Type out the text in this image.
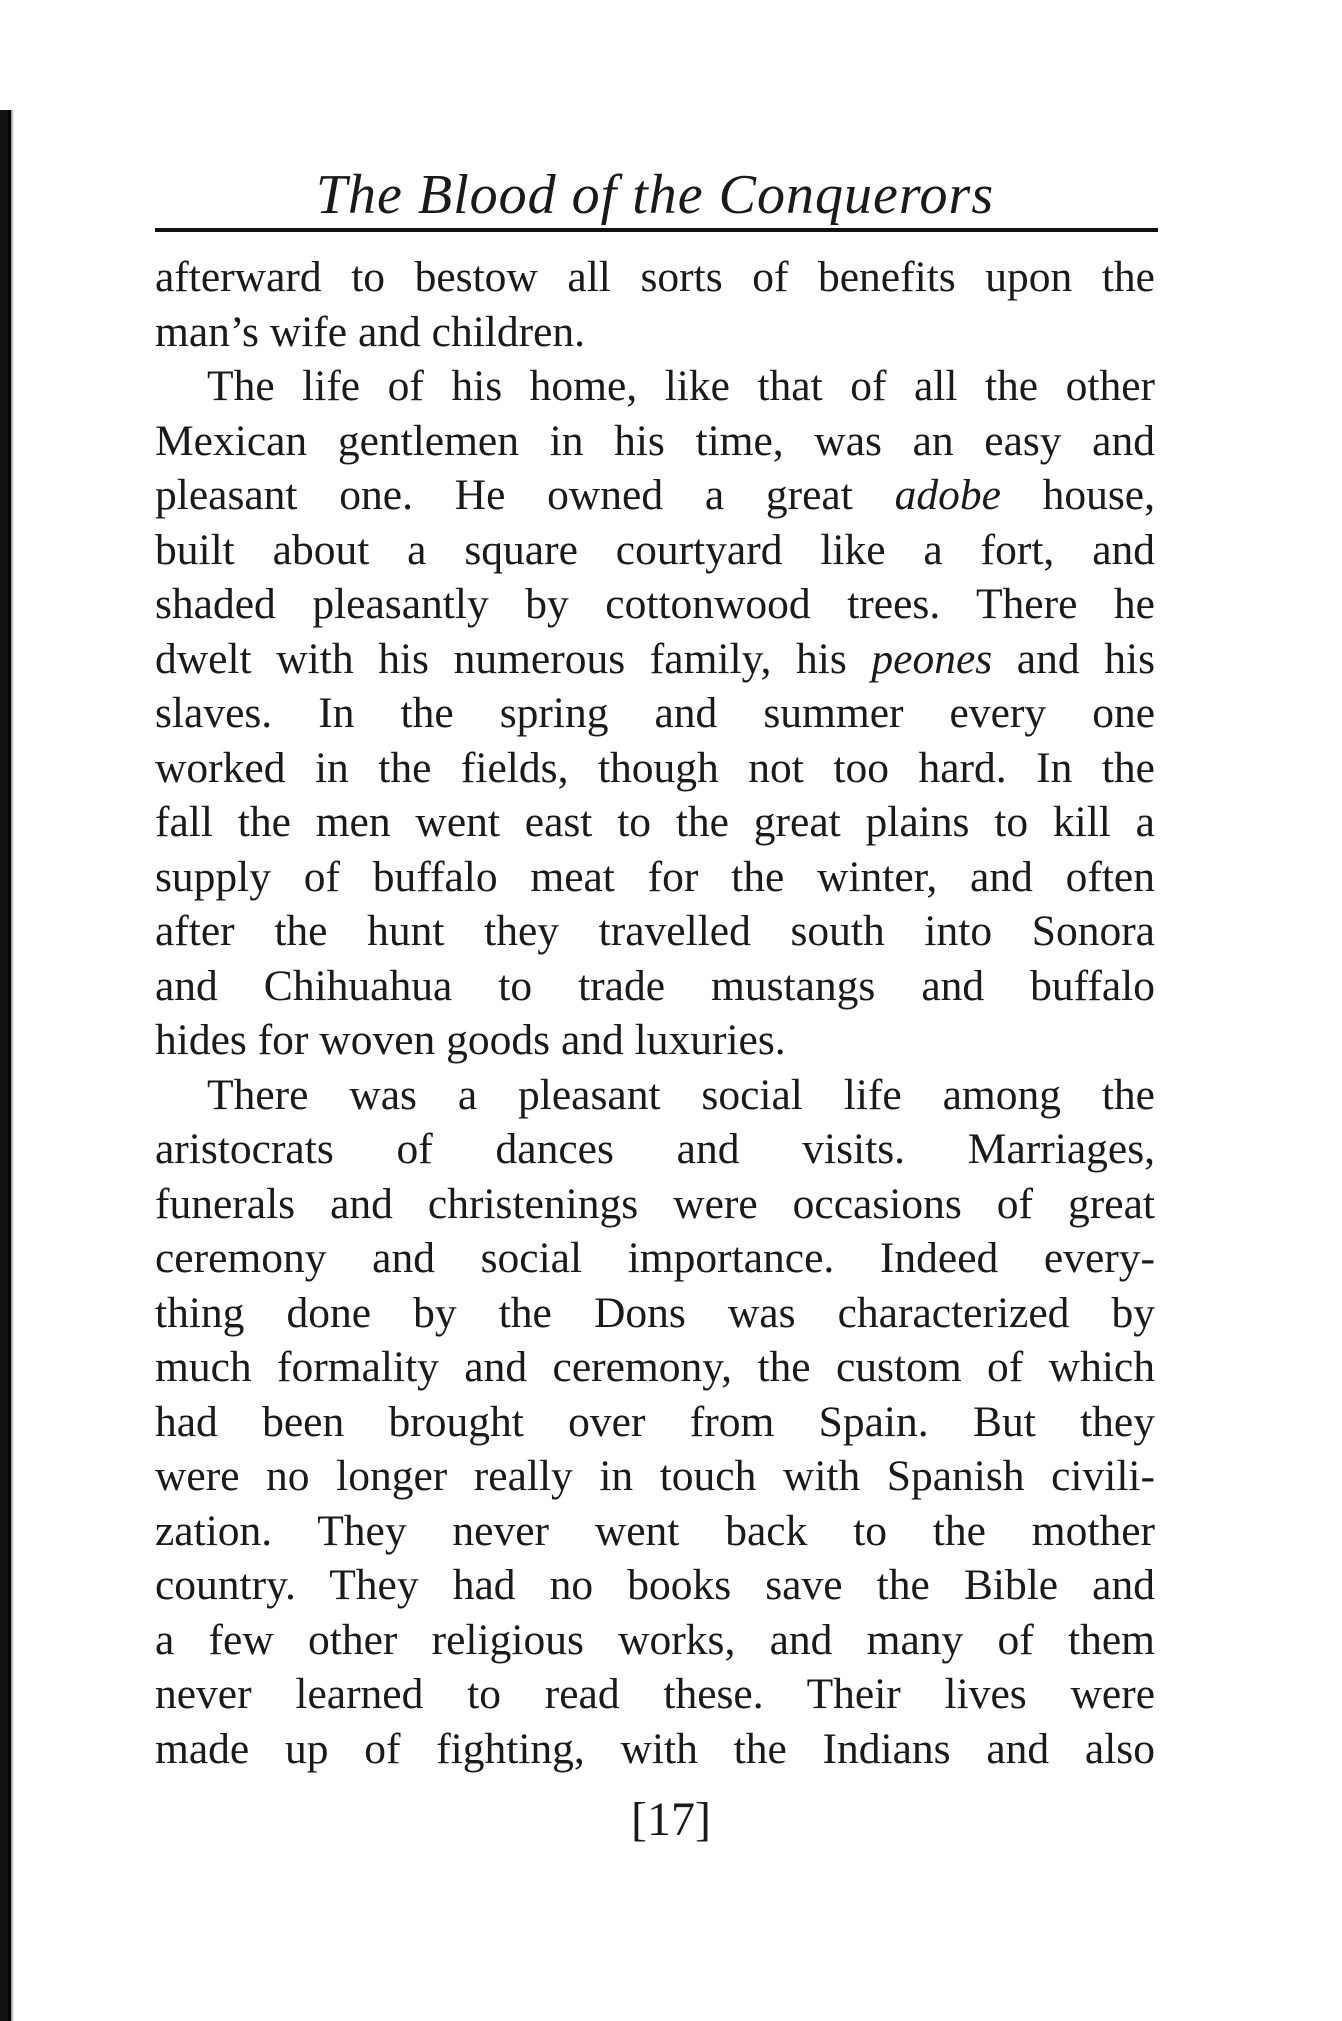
The Blood of the Conquerors
afterward to bestow all sorts of benefits upon the
man’s wife and children.
The life of his home, like that of all the other
Mexican gentlemen in his time, was an easy and
pleasant one. He owned a great adobe house,
built about a square courtyard like a fort, and
shaded pleasantly by cottonwood trees. There he
dwelt with his numerous family, his peones and his
slaves. In the spring and summer every one
worked in the fields, though not too hard. In the
fall the men went east to the great plains to kill a
supply of buffalo meat for the winter, and often
after the hunt they travelled south into Sonora
and Chihuahua to trade mustangs and buffalo
hides for woven goods and luxuries.
There was a pleasant social life among the
aristocrats of dances and visits. Marriages,
funerals and christenings were occasions of great
ceremony and social importance. Indeed every-
thing done by the Dons was characterized by
much formality and ceremony, the custom of which
had been brought over from Spain. But they
were no longer really in touch with Spanish civili-
zation. They never went back to the mother
country. They had no books save the Bible and
a few other religious works, and many of them
never learned to read these. Their lives were
made up of fighting, with the Indians and also
[17]
